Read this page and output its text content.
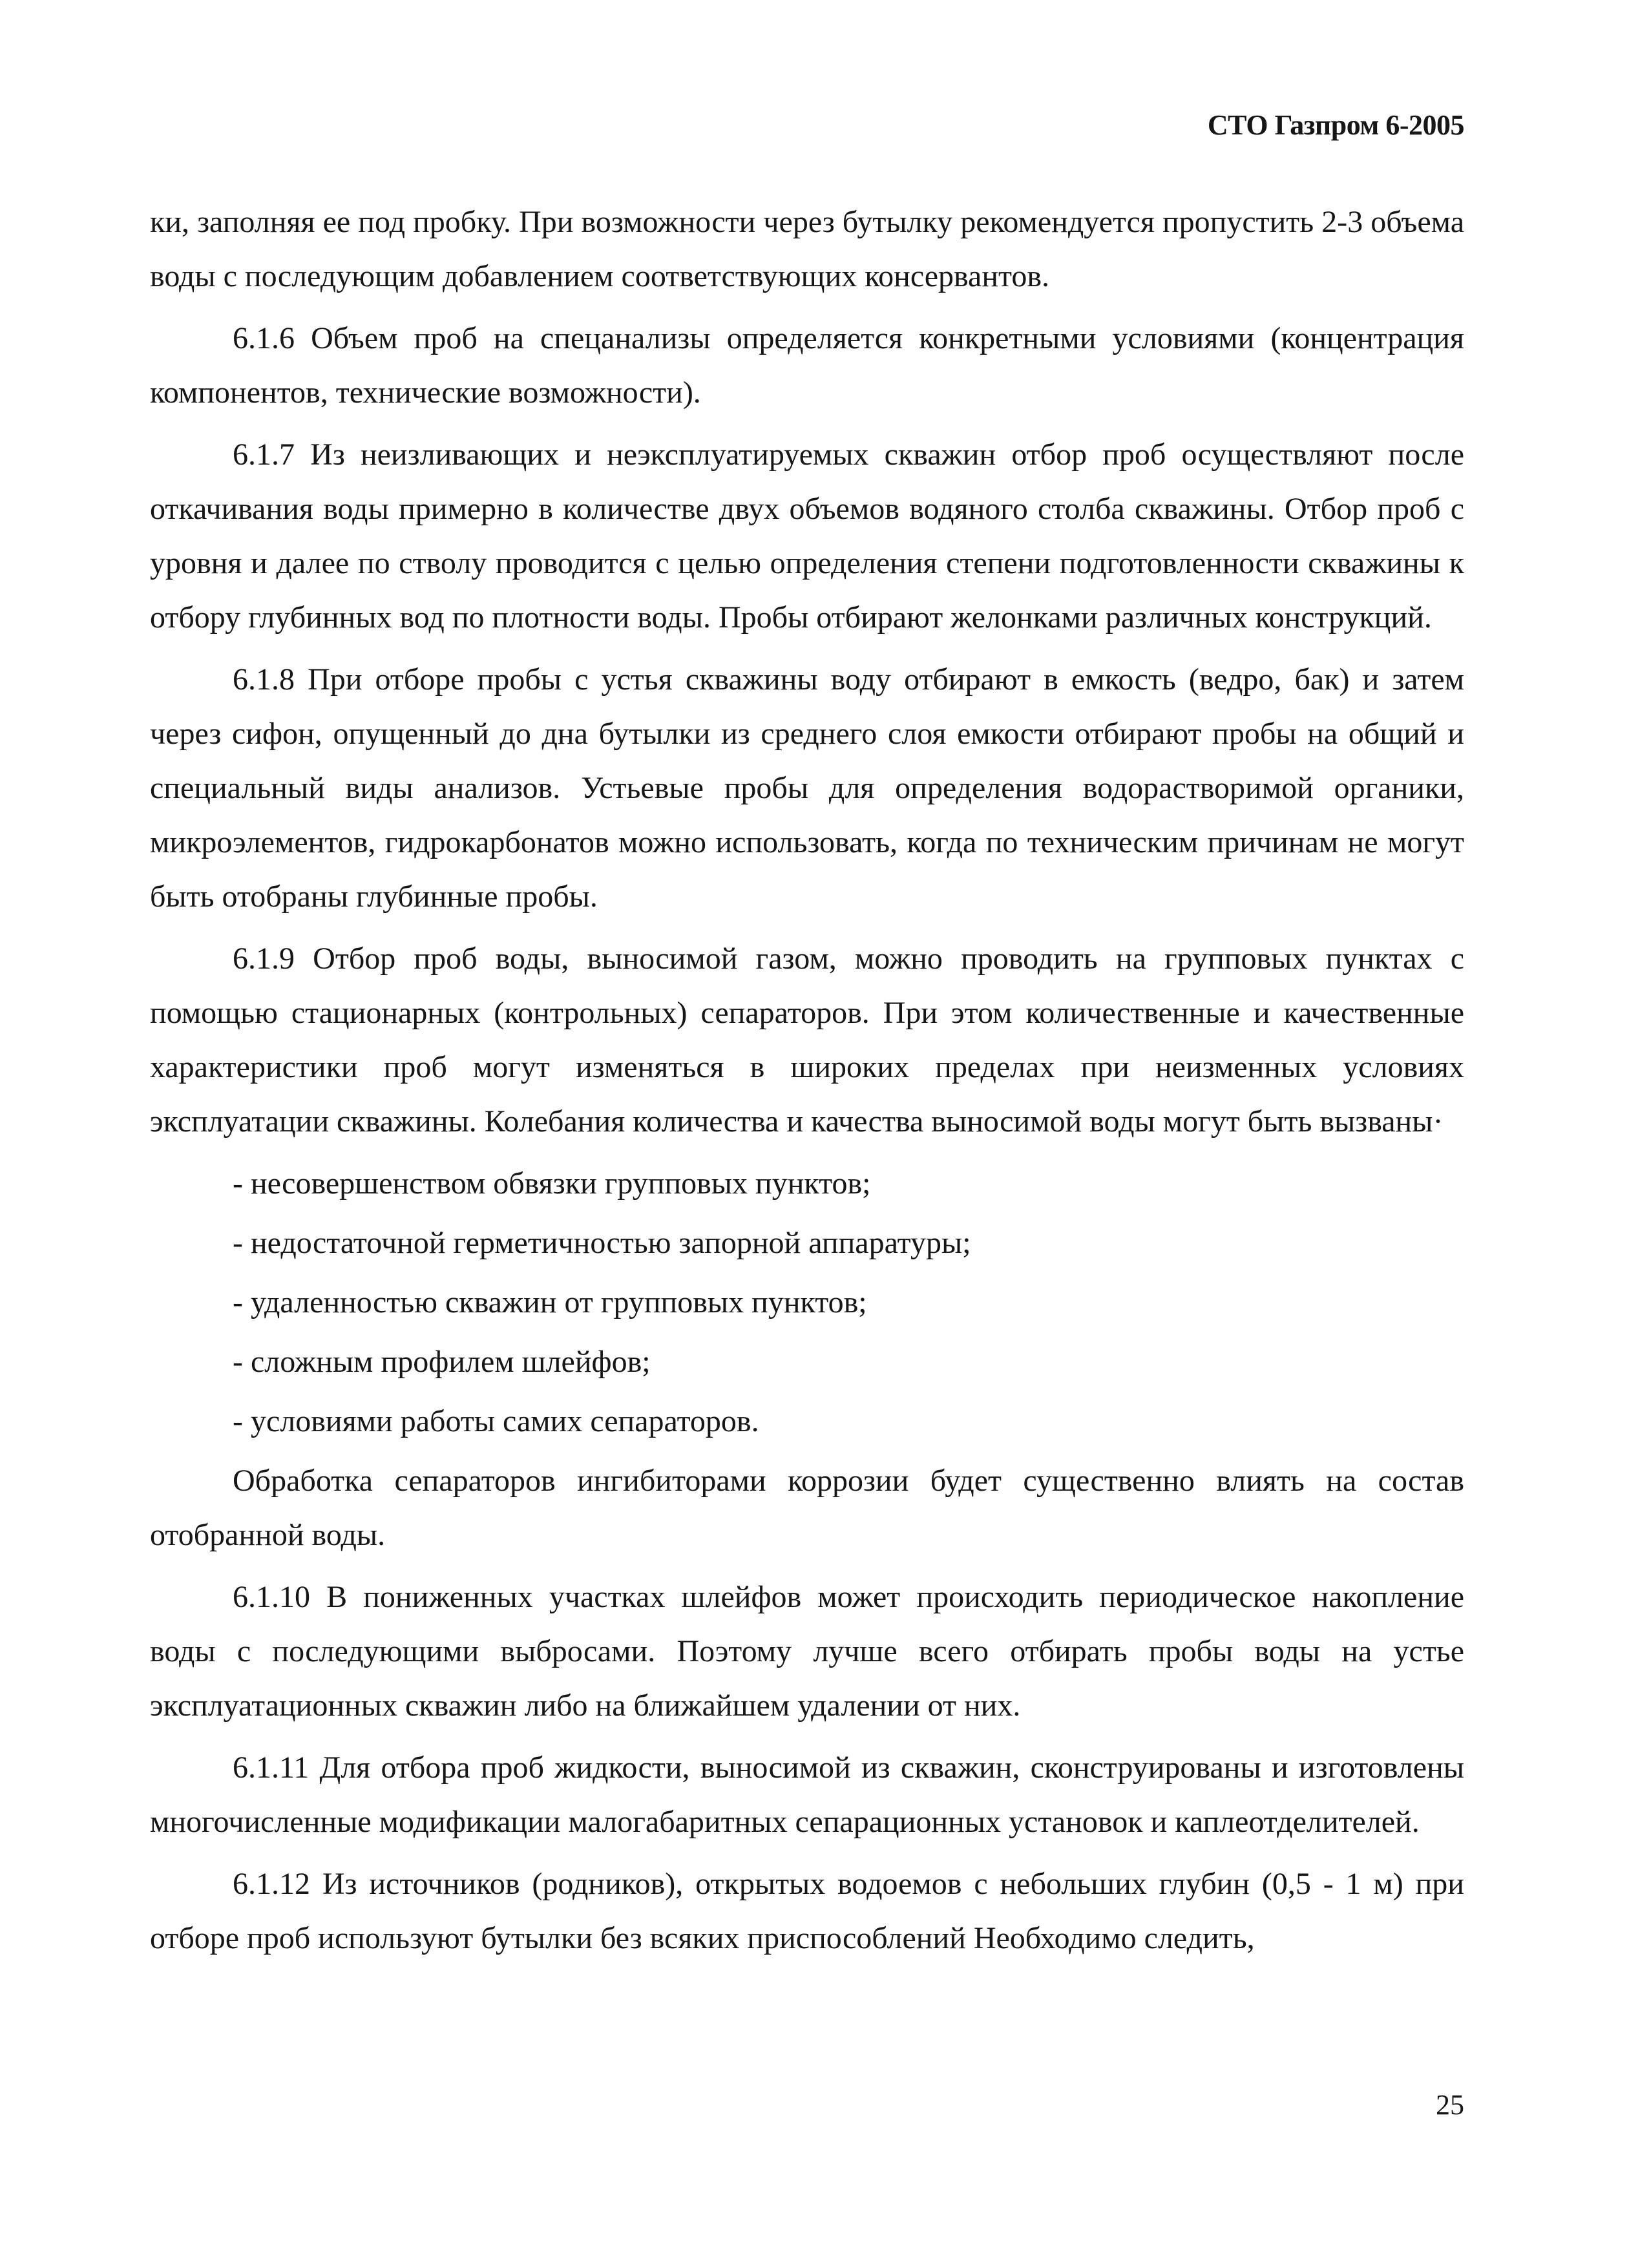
СТО Газпром 6-2005

ки, заполняя ее под пробку. При возможности через бутылку рекомендуется пропустить 2-3 объема воды с последующим добавлением соответствующих консервантов.

6.1.6 Объем проб на спецанализы определяется конкретными условиями (концентрация компонентов, технические возможности).

6.1.7 Из неизливающих и неэксплуатируемых скважин отбор проб осуществляют после откачивания воды примерно в количестве двух объемов водяного столба скважины. Отбор проб с уровня и далее по стволу проводится с целью определения степени подготовленности скважины к отбору глубинных вод по плотности воды. Пробы отбирают желонками различных конструкций.

6.1.8 При отборе пробы с устья скважины воду отбирают в емкость (ведро, бак) и затем через сифон, опущенный до дна бутылки из среднего слоя емкости отбирают пробы на общий и специальный виды анализов. Устьевые пробы для определения водорастворимой органики, микроэлементов, гидрокарбонатов можно использовать, когда по техническим причинам не могут быть отобраны глубинные пробы.

6.1.9 Отбор проб воды, выносимой газом, можно проводить на групповых пунктах с помощью стационарных (контрольных) сепараторов. При этом количественные и качественные характеристики проб могут изменяться в широких пределах при неизменных условиях эксплуатации скважины. Колебания количества и качества выносимой воды могут быть вызваны·

- несовершенством обвязки групповых пунктов;

- недостаточной герметичностью запорной аппаратуры;

- удаленностью скважин от групповых пунктов;

- сложным профилем шлейфов;

- условиями работы самих сепараторов.

Обработка сепараторов ингибиторами коррозии будет существенно влиять на состав отобранной воды.

6.1.10 В пониженных участках шлейфов может происходить периодическое накопление воды с последующими выбросами. Поэтому лучше всего отбирать пробы воды на устье эксплуатационных скважин либо на ближайшем удалении от них.

6.1.11 Для отбора проб жидкости, выносимой из скважин, сконструированы и изготовлены многочисленные модификации малогабаритных сепарационных установок и каплеотделителей.

6.1.12 Из источников (родников), открытых водоемов с небольших глубин (0,5 - 1 м) при отборе проб используют бутылки без всяких приспособлений Необходимо следить,

25
